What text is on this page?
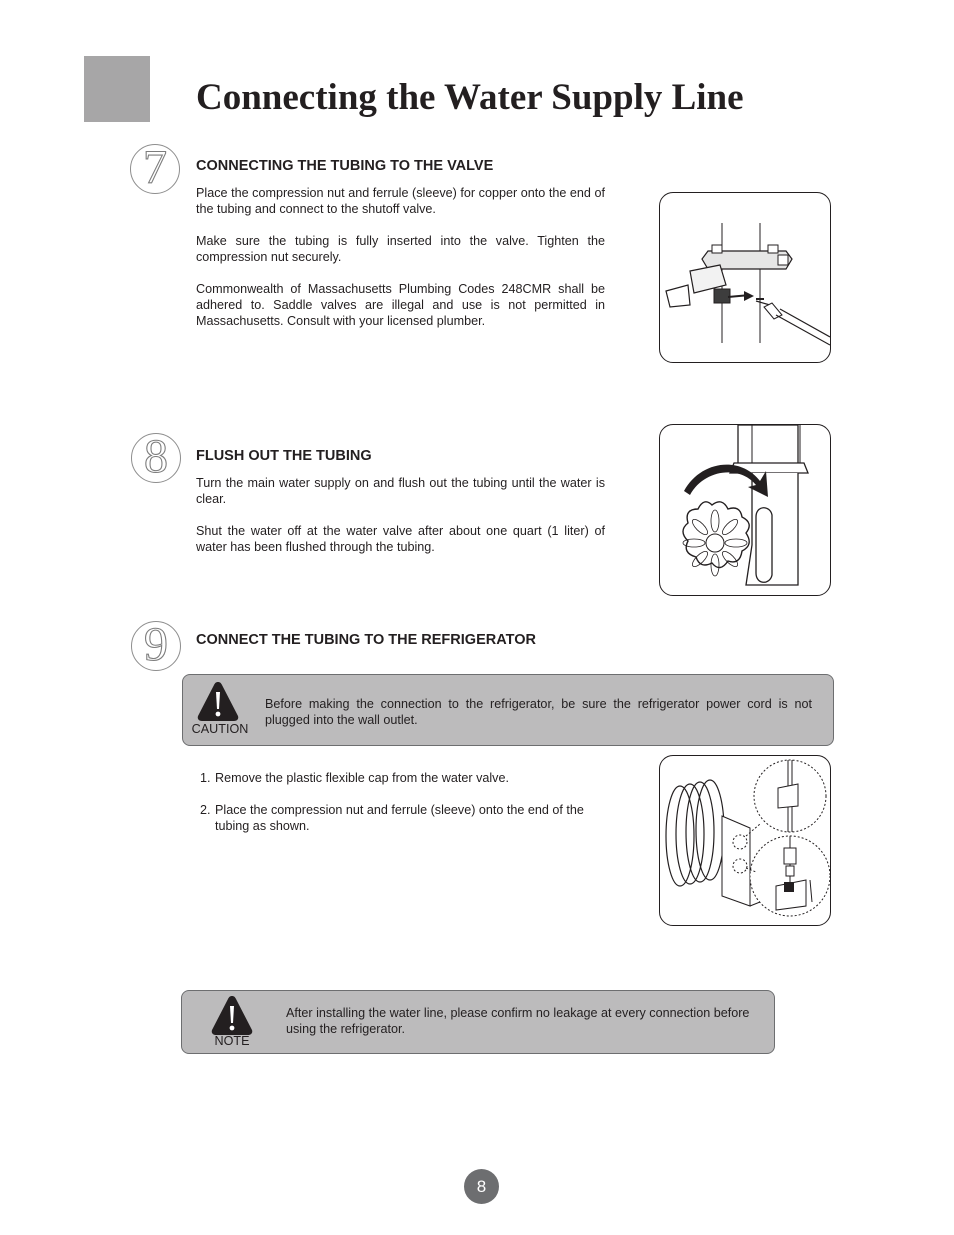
Connecting the Water Supply Line
7	CONNECTING THE TUBING TO THE VALVE

Place the compression nut and ferrule (sleeve) for copper onto the end of the tubing and connect to the shutoff valve.

Make sure the tubing is fully inserted into the valve. Tighten the compression nut securely.

Commonwealth of Massachusetts Plumbing Codes 248CMR shall be adhered to. Saddle valves are illegal and use is not permitted in Massachusetts. Consult with your licensed plumber.

8	FLUSH OUT THE TUBING

Turn the main water supply on and flush out the tubing until the water is clear.

Shut the water off at the water valve after about one quart (1 liter) of water has been flushed through the tubing.

9	CONNECT THE TUBING TO THE REFRIGERATOR
CAUTION

Before making the connection to the refrigerator, be sure the refrigerator power cord is not plugged into the wall outlet.

1. Remove the plastic flexible cap from the water valve.
2. Place the compression nut and ferrule (sleeve) onto the end of the tubing as shown.
NOTE

After installing the water line, please confirm no leakage at every connection before using the refrigerator.

8
